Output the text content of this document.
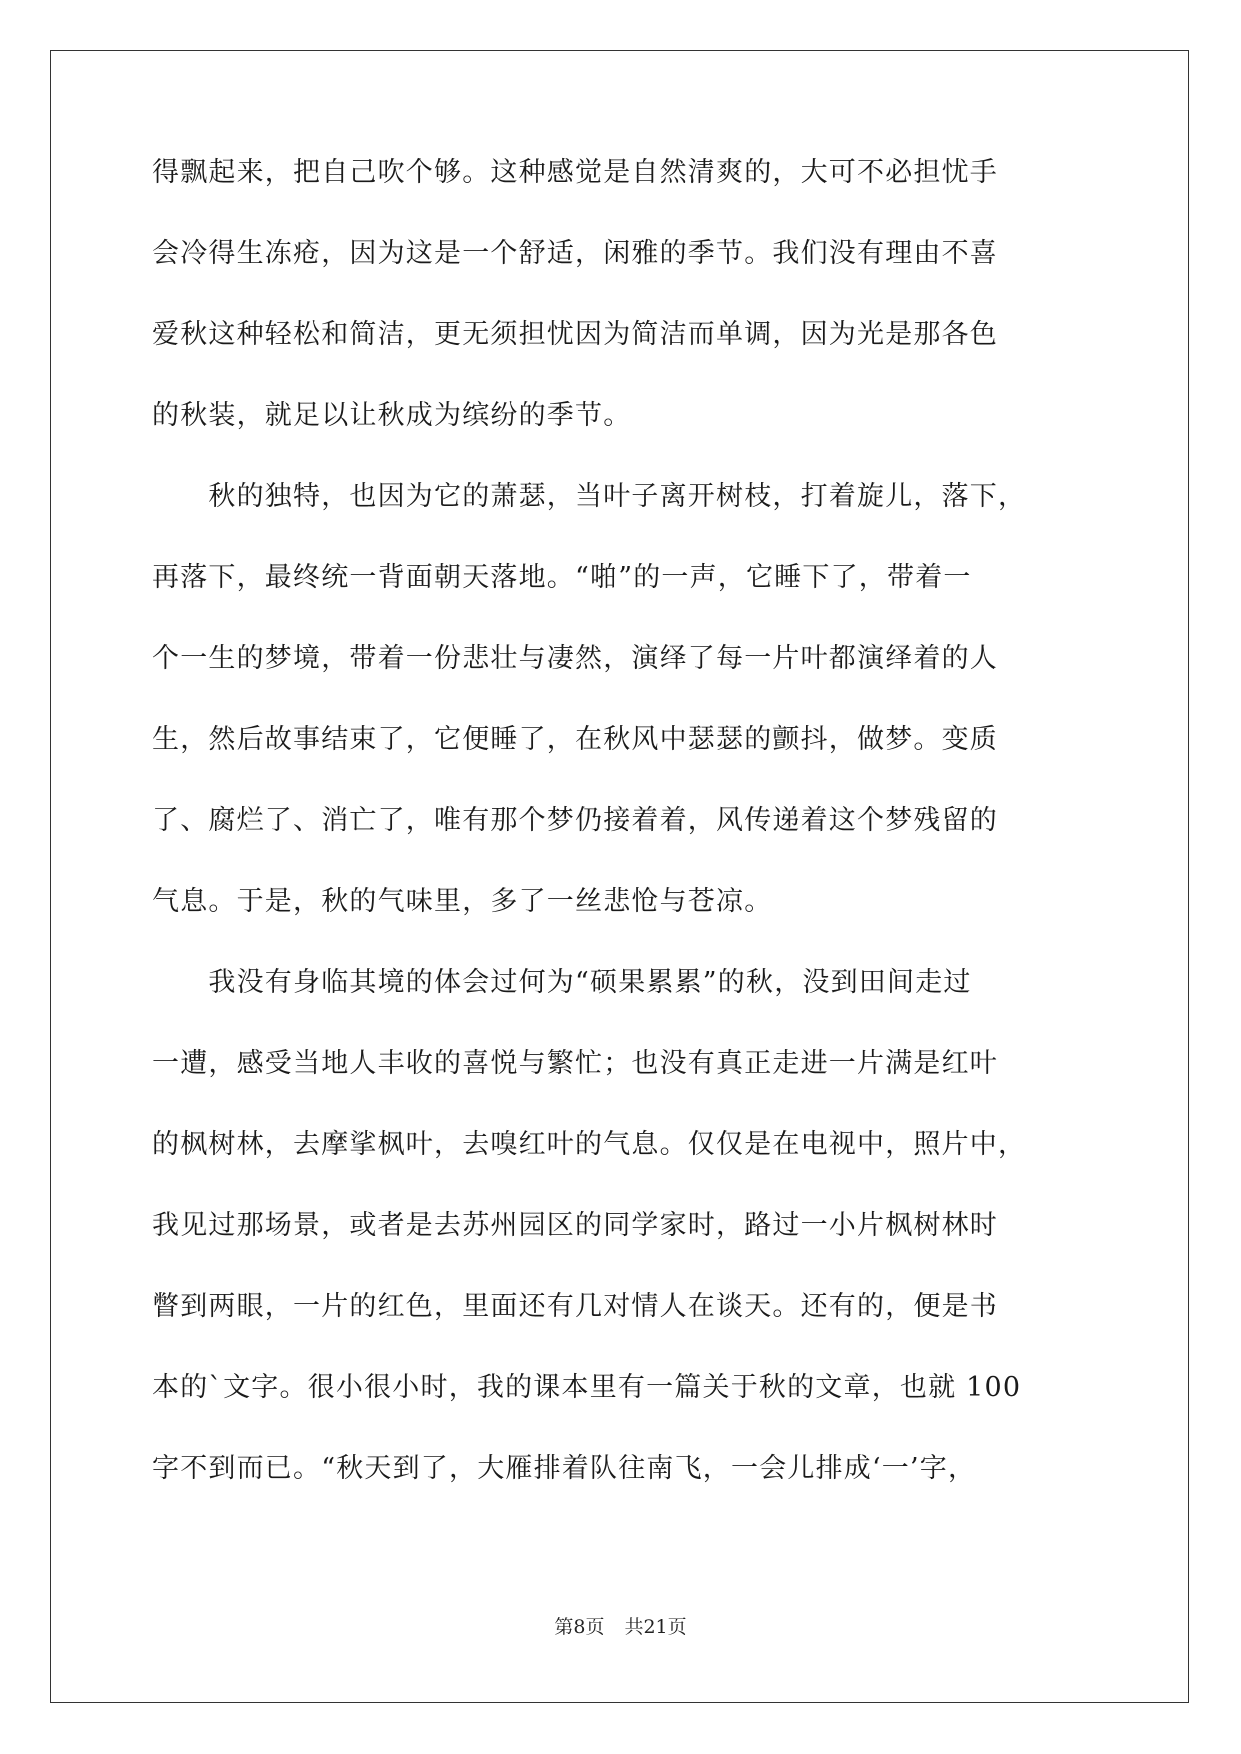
得飘起来，把自己吹个够。这种感觉是自然清爽的，大可不必担忧手
会冷得生冻疮，因为这是一个舒适，闲雅的季节。我们没有理由不喜
爱秋这种轻松和简洁，更无须担忧因为简洁而单调，因为光是那各色
的秋装，就足以让秋成为缤纷的季节。
　　秋的独特，也因为它的萧瑟，当叶子离开树枝，打着旋儿，落下，
再落下，最终统一背面朝天落地。“啪”的一声，它睡下了，带着一
个一生的梦境，带着一份悲壮与凄然，演绎了每一片叶都演绎着的人
生，然后故事结束了，它便睡了，在秋风中瑟瑟的颤抖，做梦。变质
了、腐烂了、消亡了，唯有那个梦仍接着着，风传递着这个梦残留的
气息。于是，秋的气味里，多了一丝悲怆与苍凉。
　　我没有身临其境的体会过何为“硕果累累”的秋，没到田间走过
一遭，感受当地人丰收的喜悦与繁忙；也没有真正走进一片满是红叶
的枫树林，去摩挲枫叶，去嗅红叶的气息。仅仅是在电视中，照片中，
我见过那场景，或者是去苏州园区的同学家时，路过一小片枫树林时
瞥到两眼，一片的红色，里面还有几对情人在谈天。还有的，便是书
本的`文字。很小很小时，我的课本里有一篇关于秋的文章，也就 100
字不到而已。“秋天到了，大雁排着队往南飞，一会儿排成‘一’字，
第8页 共21页
